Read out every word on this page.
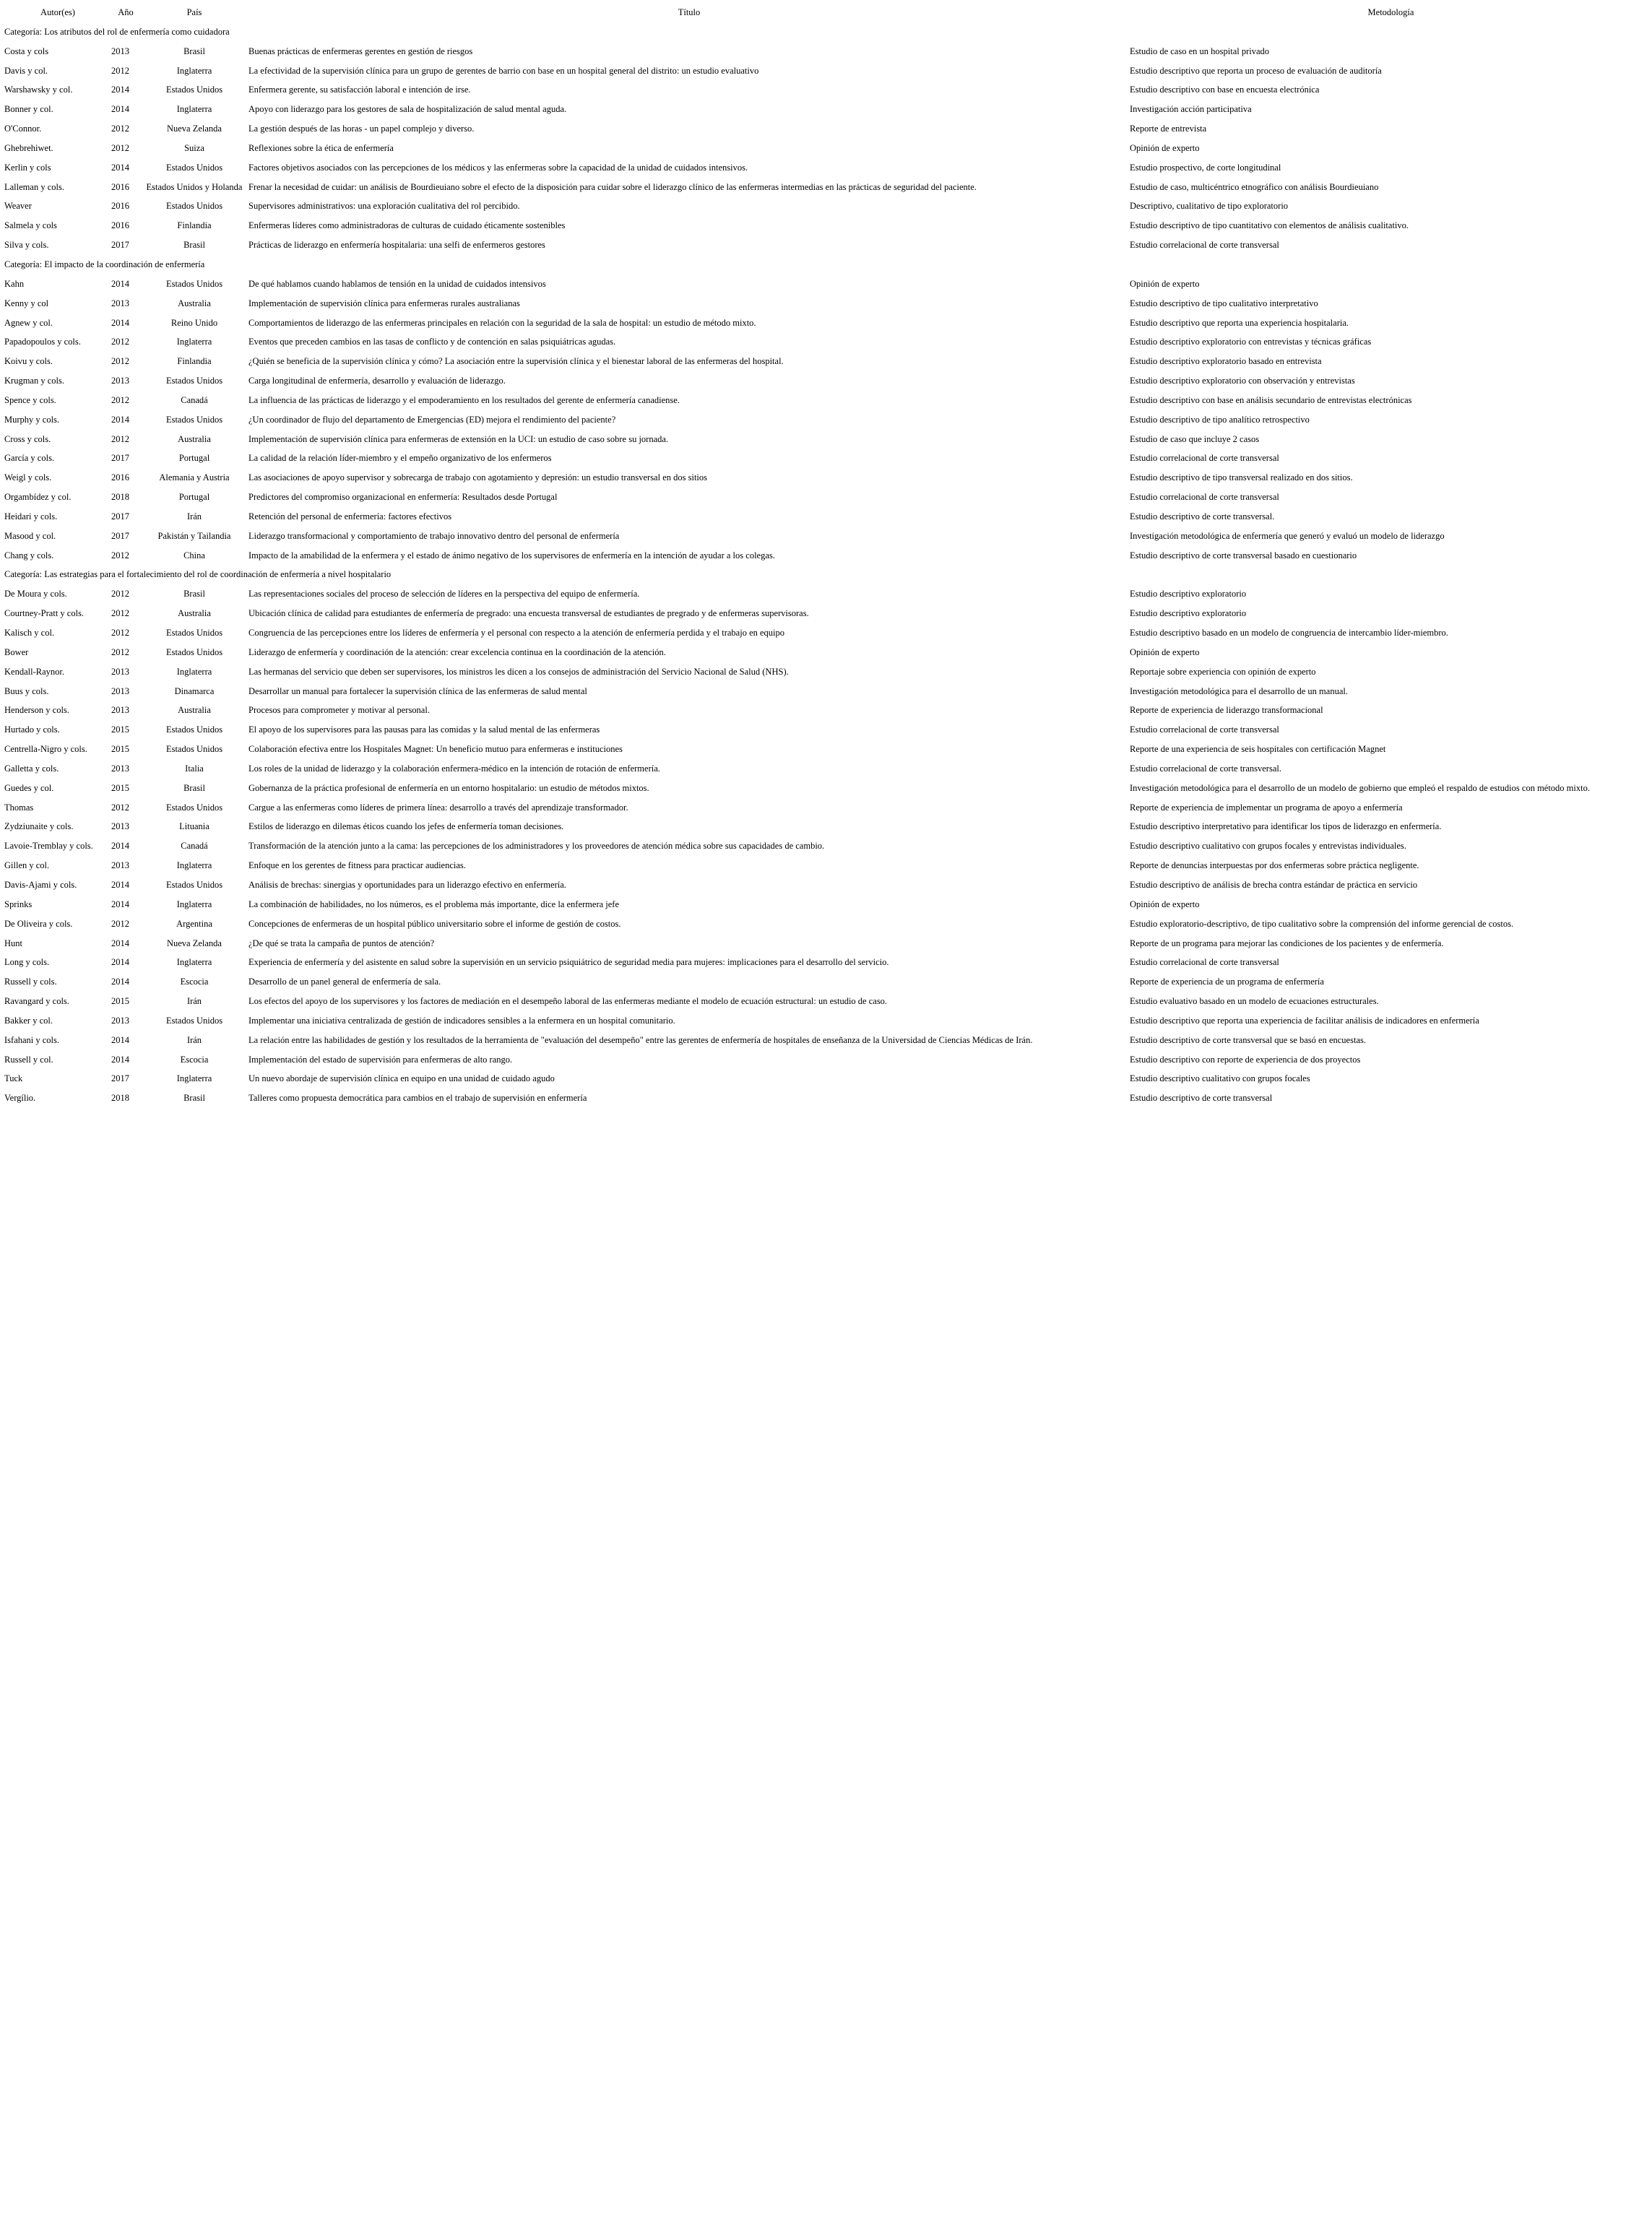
Autor(es)	Año	País	Título	Metodología
Categoría: Los atributos del rol de enfermería como cuidadora				
Costa y cols	2013	Brasil	Buenas prácticas de enfermeras gerentes en gestión de riesgos	Estudio de caso en un hospital privado
Davis y col.	2012	Inglaterra	La efectividad de la supervisión clínica para un grupo de gerentes de barrio con base en un hospital general del distrito: un estudio evaluativo	Estudio descriptivo que reporta un proceso de evaluación de auditoría
Warshawsky y col.	2014	Estados Unidos	Enfermera gerente, su satisfacción laboral e intención de irse.	Estudio descriptivo con base en encuesta electrónica
Bonner y col.	2014	Inglaterra	Apoyo con liderazgo para los gestores de sala de hospitalización de salud mental aguda.	Investigación acción participativa
O'Connor.	2012	Nueva Zelanda	La gestión después de las horas - un papel complejo y diverso.	Reporte de entrevista
Ghebrehiwet.	2012	Suiza	Reflexiones sobre la ética de enfermería	Opinión de experto
Kerlin y cols	2014	Estados Unidos	Factores objetivos asociados con las percepciones de los médicos y las enfermeras sobre la capacidad de la unidad de cuidados intensivos.	Estudio prospectivo, de corte longitudinal
Lalleman y cols.	2016	Estados Unidos y Holanda	Frenar la necesidad de cuidar: un análisis de Bourdieuiano sobre el efecto de la disposición para cuidar sobre el liderazgo clínico de las enfermeras intermedias en las prácticas de seguridad del paciente.	Estudio de caso, multicéntrico etnográfico con análisis Bourdieuiano
Weaver	2016	Estados Unidos	Supervisores administrativos: una exploración cualitativa del rol percibido.	Descriptivo, cualitativo de tipo exploratorio
Salmela y cols	2016	Finlandia	Enfermeras líderes como administradoras de culturas de cuidado éticamente sostenibles	Estudio descriptivo de tipo cuantitativo con elementos de análisis cualitativo.
Silva y cols.	2017	Brasil	Prácticas de liderazgo en enfermería hospitalaria: una selfi de enfermeros gestores	Estudio correlacional de corte transversal
Categoría: El impacto de la coordinación de enfermería				
Kahn	2014	Estados Unidos	De qué hablamos cuando hablamos de tensión en la unidad de cuidados intensivos	Opinión de experto
Kenny y col	2013	Australia	Implementación de supervisión clínica para enfermeras rurales australianas	Estudio descriptivo de tipo cualitativo interpretativo
Agnew y col.	2014	Reino Unido	Comportamientos de liderazgo de las enfermeras principales en relación con la seguridad de la sala de hospital: un estudio de método mixto.	Estudio descriptivo que reporta una experiencia hospitalaria.
Papadopoulos y cols.	2012	Inglaterra	Eventos que preceden cambios en las tasas de conflicto y de contención en salas psiquiátricas agudas.	Estudio descriptivo exploratorio con entrevistas y técnicas gráficas
Koivu y cols.	2012	Finlandia	¿Quién se beneficia de la supervisión clínica y cómo? La asociación entre la supervisión clínica y el bienestar laboral de las enfermeras del hospital.	Estudio descriptivo exploratorio basado en entrevista
Krugman y cols.	2013	Estados Unidos	Carga longitudinal de enfermería, desarrollo y evaluación de liderazgo.	Estudio descriptivo exploratorio con observación y entrevistas
Spence y cols.	2012	Canadá	La influencia de las prácticas de liderazgo y el empoderamiento en los resultados del gerente de enfermería canadiense.	Estudio descriptivo con base en análisis secundario de entrevistas electrónicas
Murphy y cols.	2014	Estados Unidos	¿Un coordinador de flujo del departamento de Emergencias (ED) mejora el rendimiento del paciente?	Estudio descriptivo de tipo analítico retrospectivo
Cross y cols.	2012	Australia	Implementación de supervisión clínica para enfermeras de extensión en la UCI: un estudio de caso sobre su jornada.	Estudio de caso que incluye 2 casos
García y cols.	2017	Portugal	La calidad de la relación líder-miembro y el empeño organizativo de los enfermeros	Estudio correlacional de corte transversal
Weigl y cols.	2016	Alemania y Austria	Las asociaciones de apoyo supervisor y sobrecarga de trabajo con agotamiento y depresión: un estudio transversal en dos sitios	Estudio descriptivo de tipo transversal realizado en dos sitios.
Orgambídez y col.	2018	Portugal	Predictores del compromiso organizacional en enfermería: Resultados desde Portugal	Estudio correlacional de corte transversal
Heidari y cols.	2017	Irán	Retención del personal de enfermería: factores efectivos	Estudio descriptivo de corte transversal.
Masood y col.	2017	Pakistán y Tailandia	Liderazgo transformacional y comportamiento de trabajo innovativo dentro del personal de enfermería	Investigación metodológica de enfermería que generó y evaluó un modelo de liderazgo
Chang y cols.	2012	China	Impacto de la amabilidad de la enfermera y el estado de ánimo negativo de los supervisores de enfermería en la intención de ayudar a los colegas.	Estudio descriptivo de corte transversal basado en cuestionario
Categoría: Las estrategias para el fortalecimiento del rol de coordinación de enfermería a nivel hospitalario				
De Moura y cols.	2012	Brasil	Las representaciones sociales del proceso de selección de líderes en la perspectiva del equipo de enfermería.	Estudio descriptivo exploratorio
Courtney-Pratt y cols.	2012	Australia	Ubicación clínica de calidad para estudiantes de enfermería de pregrado: una encuesta transversal de estudiantes de pregrado y de enfermeras supervisoras.	Estudio descriptivo exploratorio
Kalisch y col.	2012	Estados Unidos	Congruencia de las percepciones entre los líderes de enfermería y el personal con respecto a la atención de enfermería perdida y el trabajo en equipo	Estudio descriptivo basado en un modelo de congruencia de intercambio líder-miembro.
Bower	2012	Estados Unidos	Liderazgo de enfermería y coordinación de la atención: crear excelencia continua en la coordinación de la atención.	Opinión de experto
Kendall-Raynor.	2013	Inglaterra	Las hermanas del servicio que deben ser supervisores, los ministros les dicen a los consejos de administración del Servicio Nacional de Salud (NHS).	Reportaje sobre experiencia con opinión de experto
Buus y cols.	2013	Dinamarca	Desarrollar un manual para fortalecer la supervisión clínica de las enfermeras de salud mental	Investigación metodológica para el desarrollo de un manual.
Henderson y cols.	2013	Australia	Procesos para comprometer y motivar al personal.	Reporte de experiencia de liderazgo transformacional
Hurtado y cols.	2015	Estados Unidos	El apoyo de los supervisores para las pausas para las comidas y la salud mental de las enfermeras	Estudio correlacional de corte transversal
Centrella-Nigro y cols.	2015	Estados Unidos	Colaboración efectiva entre los Hospitales Magnet: Un beneficio mutuo para enfermeras e instituciones	Reporte de una experiencia de seis hospitales con certificación Magnet
Galletta y cols.	2013	Italia	Los roles de la unidad de liderazgo y la colaboración enfermera-médico en la intención de rotación de enfermería.	Estudio correlacional de corte transversal.
Guedes y col.	2015	Brasil	Gobernanza de la práctica profesional de enfermería en un entorno hospitalario: un estudio de métodos mixtos.	Investigación metodológica para el desarrollo de un modelo de gobierno que empleó el respaldo de estudios con método mixto.
Thomas	2012	Estados Unidos	Cargue a las enfermeras como líderes de primera línea: desarrollo a través del aprendizaje transformador.	Reporte de experiencia de implementar un programa de apoyo a enfermería
Zydziunaite y cols.	2013	Lituania	Estilos de liderazgo en dilemas éticos cuando los jefes de enfermería toman decisiones.	Estudio descriptivo interpretativo para identificar los tipos de liderazgo en enfermería.
Lavoie-Tremblay y cols.	2014	Canadá	Transformación de la atención junto a la cama: las percepciones de los administradores y los proveedores de atención médica sobre sus capacidades de cambio.	Estudio descriptivo cualitativo con grupos focales y entrevistas individuales.
Gillen y col.	2013	Inglaterra	Enfoque en los gerentes de fitness para practicar audiencias.	Reporte de denuncias interpuestas por dos enfermeras sobre práctica negligente.
Davis-Ajami y cols.	2014	Estados Unidos	Análisis de brechas: sinergias y oportunidades para un liderazgo efectivo en enfermería.	Estudio descriptivo de análisis de brecha contra estándar de práctica en servicio
Sprinks	2014	Inglaterra	La combinación de habilidades, no los números, es el problema más importante, dice la enfermera jefe	Opinión de experto
De Oliveira y cols.	2012	Argentina	Concepciones de enfermeras de un hospital público universitario sobre el informe de gestión de costos.	Estudio exploratorio-descriptivo, de tipo cualitativo sobre la comprensión del informe gerencial de costos.
Hunt	2014	Nueva Zelanda	¿De qué se trata la campaña de puntos de atención?	Reporte de un programa para mejorar las condiciones de los pacientes y de enfermería.
Long y cols.	2014	Inglaterra	Experiencia de enfermería y del asistente en salud sobre la supervisión en un servicio psiquiátrico de seguridad media para mujeres: implicaciones para el desarrollo del servicio.	Estudio correlacional de corte transversal
Russell y cols.	2014	Escocia	Desarrollo de un panel general de enfermería de sala.	Reporte de experiencia de un programa de enfermería
Ravangard y cols.	2015	Irán	Los efectos del apoyo de los supervisores y los factores de mediación en el desempeño laboral de las enfermeras mediante el modelo de ecuación estructural: un estudio de caso.	Estudio evaluativo basado en un modelo de ecuaciones estructurales.
Bakker y col.	2013	Estados Unidos	Implementar una iniciativa centralizada de gestión de indicadores sensibles a la enfermera en un hospital comunitario.	Estudio descriptivo que reporta una experiencia de facilitar análisis de indicadores en enfermería
Isfahani y cols.	2014	Irán	La relación entre las habilidades de gestión y los resultados de la herramienta de "evaluación del desempeño" entre las gerentes de enfermería de hospitales de enseñanza de la Universidad de Ciencias Médicas de Irán.	Estudio descriptivo de corte transversal que se basó en encuestas.
Russell y col.	2014	Escocia	Implementación del estado de supervisión para enfermeras de alto rango.	Estudio descriptivo con reporte de experiencia de dos proyectos
Tuck	2017	Inglaterra	Un nuevo abordaje de supervisión clínica en equipo en una unidad de cuidado agudo	Estudio descriptivo cualitativo con grupos focales
Vergílio.	2018	Brasil	Talleres como propuesta democrática para cambios en el trabajo de supervisión en enfermería	Estudio descriptivo de corte transversal
